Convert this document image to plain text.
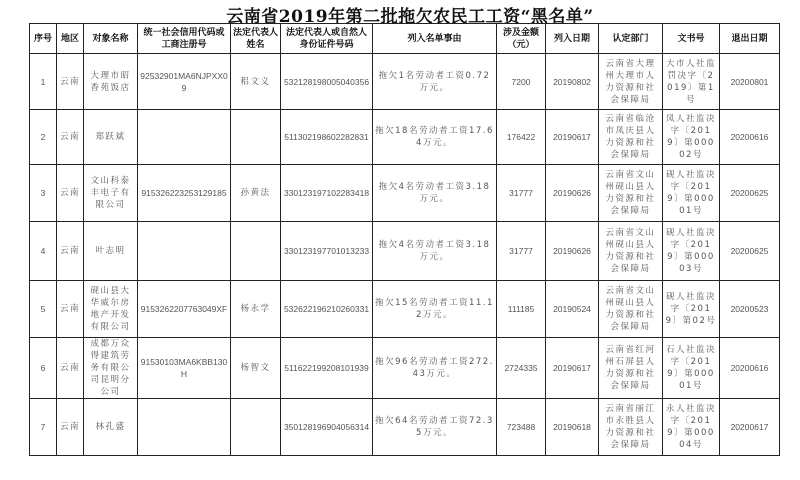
云南省2019年第二批拖欠农民工工资“黑名单”
序号	地区	对象名称	统一社会信用代码或工商注册号	法定代表人姓名	法定代表人或自然人身份证件号码	列入名单事由	涉及金额（元）	列入日期	认定部门	文书号	退出日期
1	云南	大理市昭香苑饭店	92532901MA6NJPXX09	稆文义	532128198005040356	拖欠1名劳动者工资0.72万元。	7200	20190802	云南省大理州大理市人力资源和社会保障局	大市人社监罚决字〔2019〕第1号	20200801
2	云南	郑跃斌			511302198602282831	拖欠18名劳动者工资17.64万元。	176422	20190617	云南省临沧市凤庆县人力资源和社会保障局	凤人社监决字〔2019〕第00002号	20200616
3	云南	文山科泰丰电子有限公司	915326223253129185	孙黄法	330123197102283418	拖欠4名劳动者工资3.18万元。	31777	20190626	云南省文山州砚山县人力资源和社会保障局	砚人社监决字〔2019〕第00001号	20200625
4	云南	叶志明			330123197701013233	拖欠4名劳动者工资3.18万元。	31777	20190626	云南省文山州砚山县人力资源和社会保障局	砚人社监决字〔2019〕第00003号	20200625
5	云南	砚山县大华威尔房地产开发有限公司	9153262207763049XF	杨永学	532622196210260331	拖欠15名劳动者工资11.12万元。	111185	20190524	云南省文山州砚山县人力资源和社会保障局	砚人社监决字〔2019〕第02号	20200523
6	云南	成都万众得建筑劳务有限公司昆明分公司	91530103MA6KBB130H	杨智文	511622199208101939	拖欠96名劳动者工资272.43万元。	2724335	20190617	云南省红河州石屏县人力资源和社会保障局	石人社监决字〔2019〕第00001号	20200616
7	云南	林孔盛			350128196904056314	拖欠64名劳动者工资72.35万元。	723488	20190618	云南省丽江市永胜县人力资源和社会保障局	永人社监决字〔2019〕第00004号	20200617
